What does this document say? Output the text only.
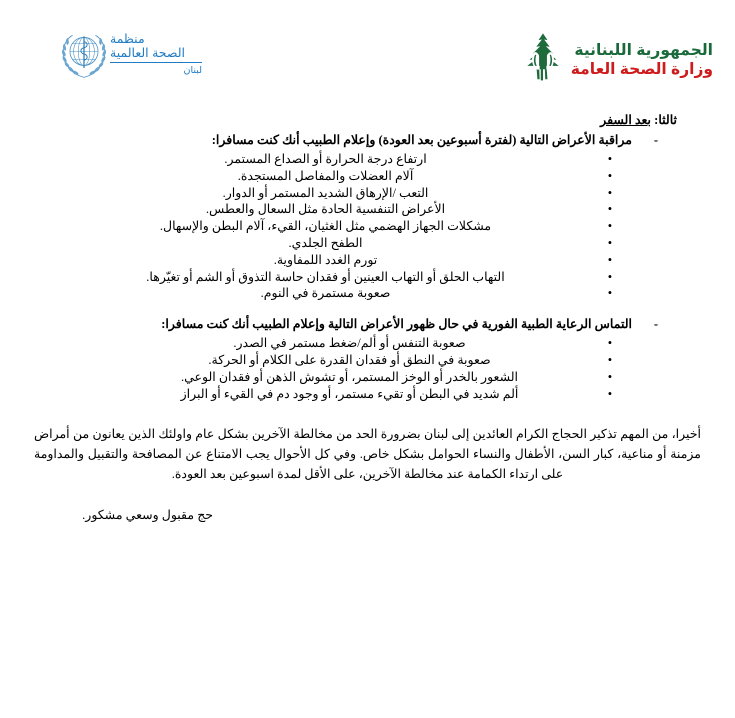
منظمة
الصحة العالمية
لبنان
الجمهورية اللبنانية
وزارة الصحة العامة
ثالثا: بعد السفر
-
مراقبة الأعراض التالية (لفترة أسبوعين بعد العودة) وإعلام الطبيب أنك كنت مسافرا:
•
ارتفاع درجة الحرارة أو الصداع المستمر.
•
آلام العضلات والمفاصل المستجدة.
•
التعب /الإرهاق الشديد المستمر أو الدوار.
•
الأعراض التنفسية الحادة مثل السعال والعطس.
•
مشكلات الجهاز الهضمي مثل الغثيان، القيء، آلام البطن والإسهال.
•
الطفح الجلدي.
•
تورم الغدد اللمفاوية.
•
التهاب الحلق أو التهاب العينين أو فقدان حاسة التذوق أو الشم أو تغيّرها.
•
صعوبة مستمرة في النوم.
-
التماس الرعاية الطبية الفورية في حال ظهور الأعراض التالية وإعلام الطبيب أنك كنت مسافرا:
•
صعوبة التنفس أو ألم/ضغط مستمر في الصدر.
•
صعوبة في النطق أو فقدان القدرة على الكلام أو الحركة.
•
الشعور بالخدر أو الوخز المستمر، أو تشوش الذهن أو فقدان الوعي.
•
ألم شديد في البطن أو تقيء مستمر، أو وجود دم في القيء أو البراز

أخيرا، من المهم تذكير الحجاج الكرام العائدين إلى لبنان بضرورة الحد من مخالطة الآخرين بشكل عام واولئك الذين يعانون من أمراض
مزمنة أو مناعية، كبار السن، الأطفال والنساء الحوامل بشكل خاص. وفي كل الأحوال يجب الامتناع عن المصافحة والتقبيل والمداومة
على ارتداء الكمامة عند مخالطة الآخرين، على الأقل لمدة اسبوعين بعد العودة.

حج مقبول وسعي مشكور.
